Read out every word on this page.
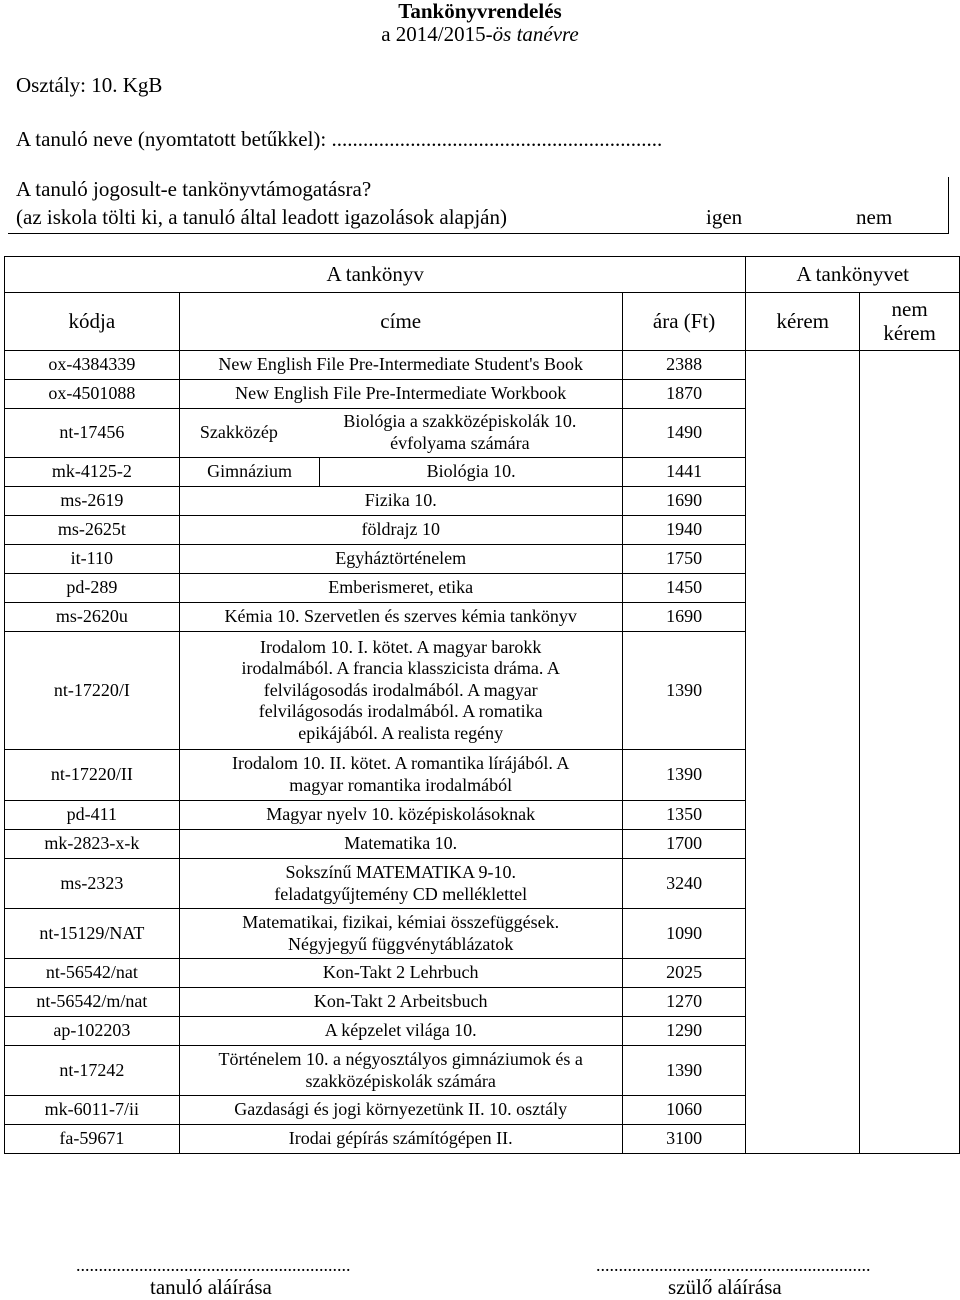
Tankönyvrendelés
a 2014/2015-ös tanévre
Osztály: 10. KgB
A tanuló neve (nyomtatott betűkkel): ...............................................................
A tanuló jogosult-e tankönyvtámogatásra?
(az iskola tölti ki, a tanuló által leadott igazolások alapján)	igen	nem
A tankönyv					A tankönyvet	
kódja	címe			ára (Ft)	kérem	nem
kérem

ox-4384339	New English File Pre-Intermediate Student's Book			2388		
ox-4501088	New English File Pre-Intermediate Workbook			1870		
nt-17456	Szakközép	Biológia a szakközépiskolák 10.
évfolyama számára		1490		
mk-4125-2	Gimnázium		Biológia 10.	1441		
ms-2619	Fizika 10.			1690		
ms-2625t	földrajz 10			1940		
it-110	Egyháztörténelem			1750		
pd-289	Emberismeret, etika			1450		
ms-2620u	Kémia 10. Szervetlen és szerves kémia tankönyv			1690		
nt-17220/I	Irodalom 10. I. kötet. A magyar barokk
irodalmából. A francia klasszicista dráma. A
felvilágosodás irodalmából. A magyar
felvilágosodás irodalmából. A romatika
epikájából. A realista regény			1390		
nt-17220/II	Irodalom 10. II. kötet. A romantika lírájából. A
magyar romantika irodalmából			1390		
pd-411	Magyar nyelv 10. középiskolásoknak			1350		
mk-2823-x-k	Matematika 10.			1700		
ms-2323	Sokszínű MATEMATIKA 9-10.
feladatgyűjtemény CD melléklettel			3240		
nt-15129/NAT	Matematikai, fizikai, kémiai összefüggések.
Négyjegyű függvénytáblázatok			1090		
nt-56542/nat	Kon-Takt 2 Lehrbuch			2025		
nt-56542/m/nat	Kon-Takt 2 Arbeitsbuch			1270		
ap-102203	A képzelet világa 10.			1290		
nt-17242	Történelem 10. a négyosztályos gimnáziumok és a
szakközépiskolák számára			1390		
mk-6011-7/ii	Gazdasági és jogi környezetünk II. 10. osztály			1060		
fa-59671	Irodai gépírás számítógépen II.			3100		
.............................................................
tanuló aláírása
.............................................................
szülő aláírása
